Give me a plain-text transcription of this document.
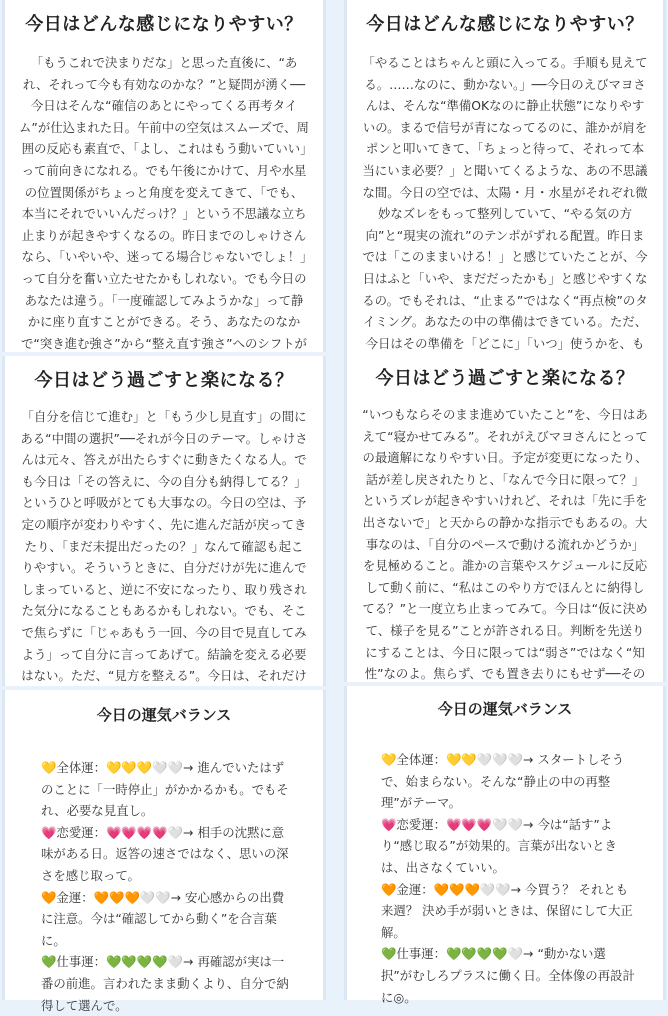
今日はどんな感じになりやすい？
「もうこれで決まりだな」と思った直後に、“あれ、それって今も有効なのかな？”と疑問が湧く──今日はそんな“確信のあとにやってくる再考タイム”が仕込まれた日。午前中の空気はスムーズで、周囲の反応も素直で、「よし、これはもう動いていい」って前向きになれる。でも午後にかけて、月や水星の位置関係がちょっと角度を変えてきて、「でも、本当にそれでいいんだっけ？」という不思議な立ち止まりが起きやすくなるの。昨日までのしゃけさんなら、「いやいや、迷ってる場合じゃないでしょ！」って自分を奮い立たせたかもしれない。でも今日のあなたは違う。「一度確認してみようかな」って静かに座り直すことができる。そう、あなたのなかで“突き進む強さ”から“整え直す強さ”へのシフトが
今日はどんな感じになりやすい？
「やることはちゃんと頭に入ってる。手順も見えてる。……なのに、動かない。」──今日のえびマヨさんは、そんな“準備OKなのに静止状態”になりやすいの。まるで信号が青になってるのに、誰かが肩をポンと叩いてきて、「ちょっと待って、それって本当にいま必要？」と聞いてくるような、あの不思議な間。今日の空では、太陽・月・水星がそれぞれ微妙なズレをもって整列していて、“やる気の方向”と“現実の流れ”のテンポがずれる配置。昨日までは「このままいける！」と感じていたことが、今日はふと「いや、まだだったかも」と感じやすくなるの。でもそれは、“止まる”ではなく“再点検”のタイミング。あなたの中の準備はできている。ただ、今日はその準備を「どこに」「いつ」使うかを、も
今日はどう過ごすと楽になる？
「自分を信じて進む」と「もう少し見直す」の間にある“中間の選択”──それが今日のテーマ。しゃけさんは元々、答えが出たらすぐに動きたくなる人。でも今日は「その答えに、今の自分も納得してる？」というひと呼吸がとても大事なの。今日の空は、予定の順序が変わりやすく、先に進んだ話が戻ってきたり、「まだ未提出だったの？」なんて確認も起こりやすい。そういうときに、自分だけが先に進んでしまっていると、逆に不安になったり、取り残された気分になることもあるかもしれない。でも、そこで焦らずに「じゃあもう一回、今の目で見直してみよう」って自分に言ってあげて。結論を変える必要はない。ただ、“見方を整える”。今日は、それだけ
今日はどう過ごすと楽になる？
“いつもならそのまま進めていたこと”を、今日はあえて“寝かせてみる”。それがえびマヨさんにとっての最適解になりやすい日。予定が変更になったり、話が差し戻されたりと、「なんで今日に限って？」というズレが起きやすいけれど、それは「先に手を出さないで」と天からの静かな指示でもあるの。大事なのは、「自分のペースで動ける流れかどうか」を見極めること。誰かの言葉やスケジュールに反応して動く前に、“私はこのやり方でほんとに納得してる？”と一度立ち止まってみて。今日は“仮に決めて、様子を見る”ことが許される日。判断を先送りにすることは、今日に限っては“弱さ”ではなく“知性”なのよ。焦らず、でも置き去りにもせず──その
今日の運気バランス

💛全体運：💛💛💛🤍🤍→ 進んでいたはずのことに「一時停止」がかかるかも。でもそれ、必要な見直し。

💗恋愛運：💗💗💗💗🤍→ 相手の沈黙に意味がある日。返答の速さではなく、思いの深さを感じ取って。

🧡金運：🧡🧡🧡🤍🤍→ 安心感からの出費に注意。今は“確認してから動く”を合言葉に。

💚仕事運：💚💚💚💚🤍→ 再確認が実は一番の前進。言われたまま動くより、自分で納得して選んで。

今日の運気バランス

💛全体運：💛💛🤍🤍🤍→ スタートしそうで、始まらない。そんな“静止の中の再整理”がテーマ。

💗恋愛運：💗💗💗🤍🤍→ 今は“話す”より“感じ取る”が効果的。言葉が出ないときは、出さなくていい。

🧡金運：🧡🧡🧡🤍🤍→ 今買う？ それとも来週？ 決め手が弱いときは、保留にして大正解。

💚仕事運：💚💚💚💚🤍→ “動かない選択”がむしろプラスに働く日。全体像の再設計に◎。
